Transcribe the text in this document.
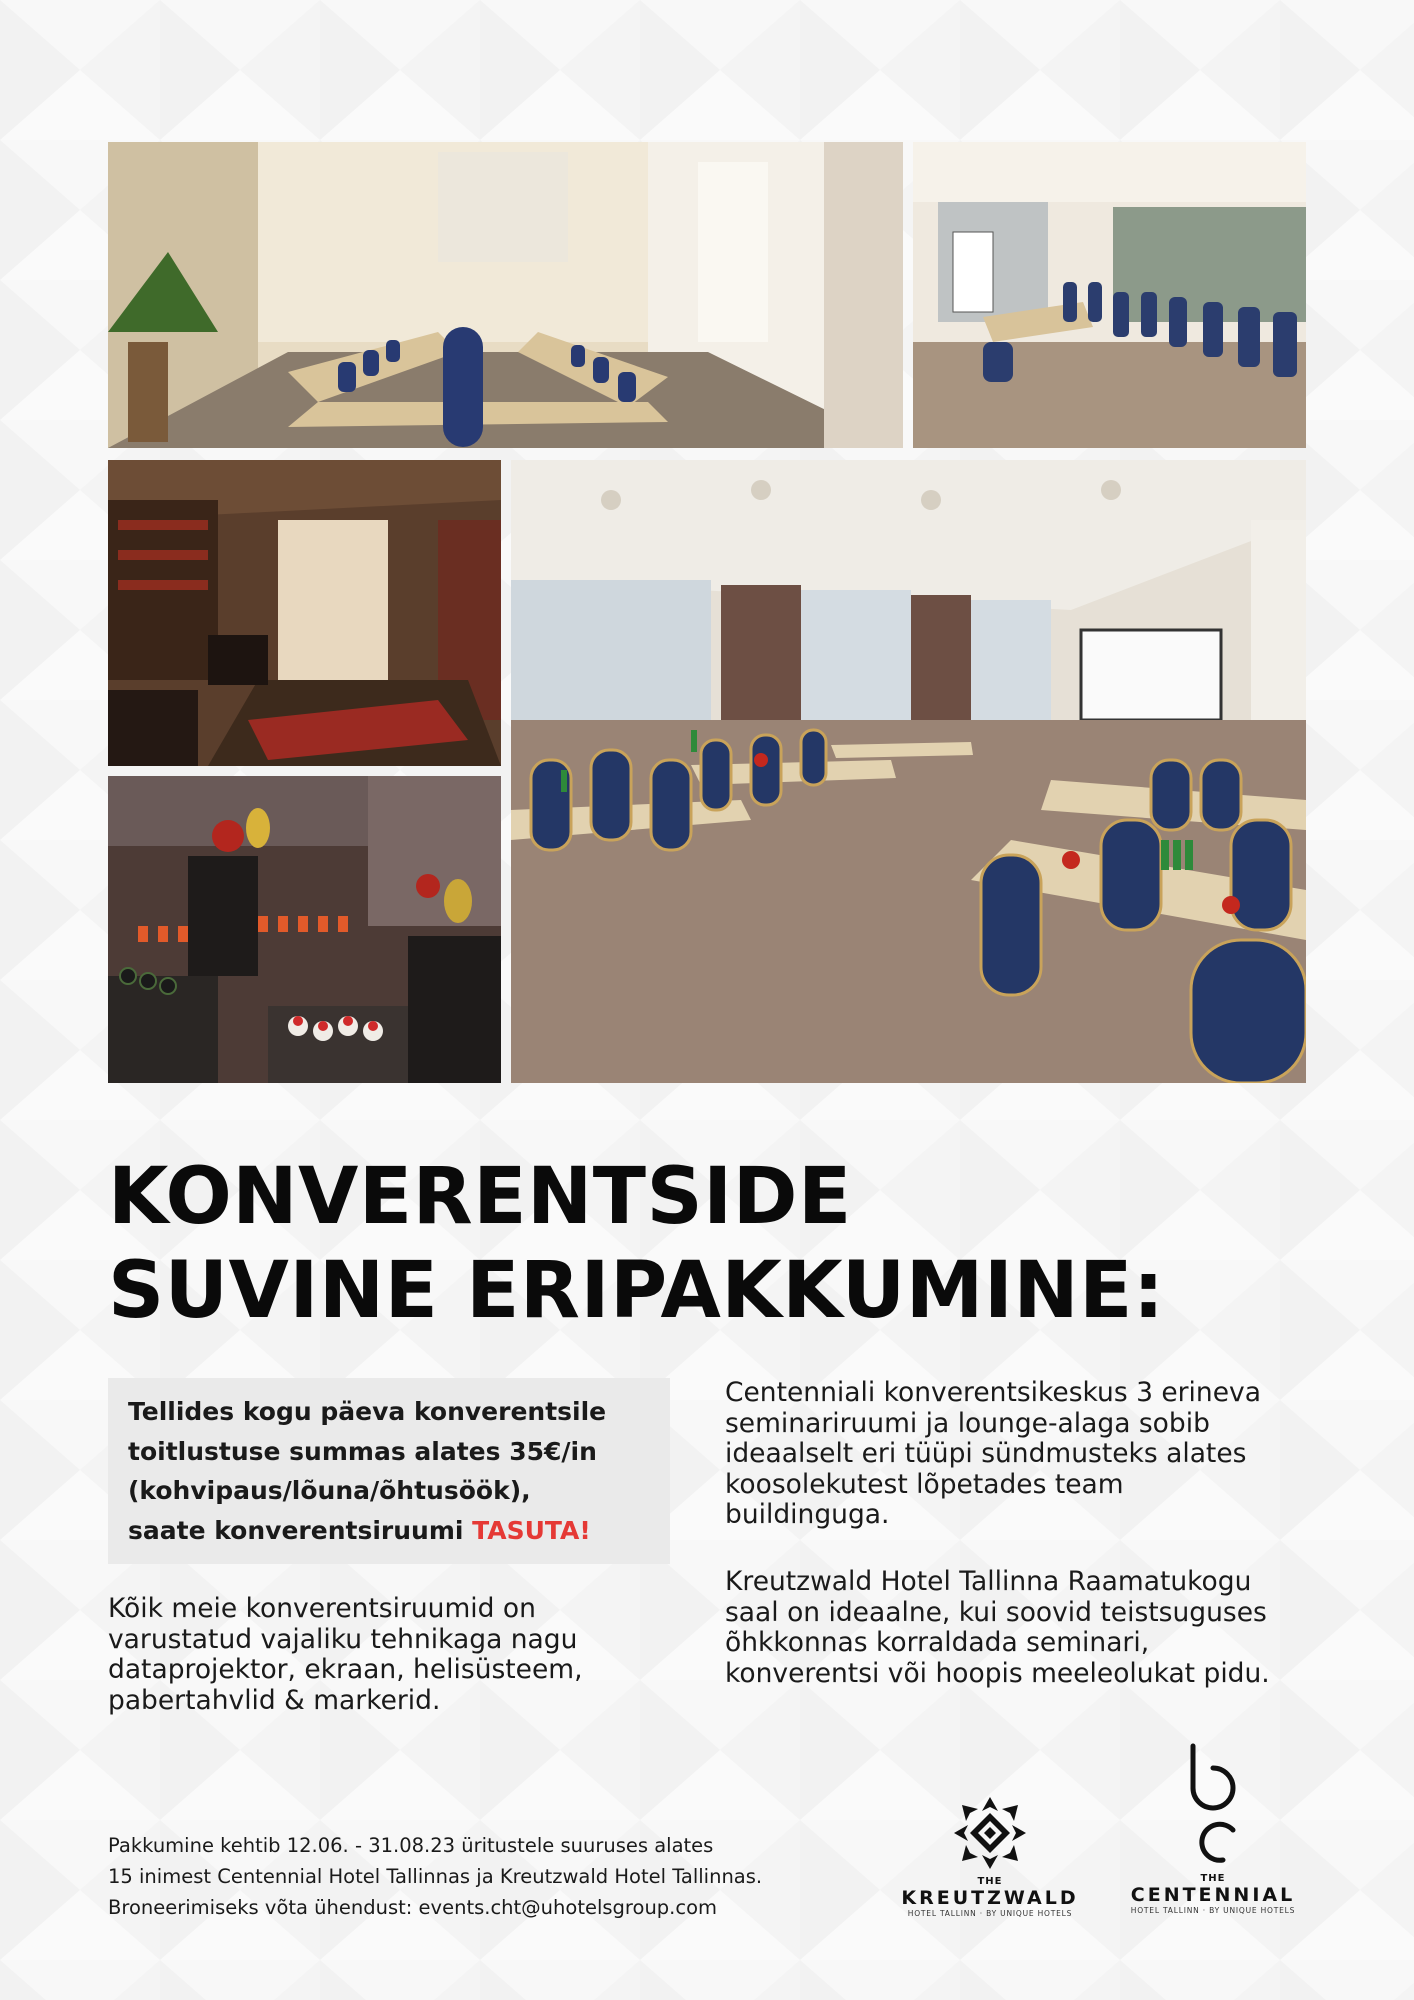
KONVERENTSIDE
SUVINE ERIPAKKUMINE:

Tellides kogu päeva konverentsile
toitlustuse summas alates 35€/in
(kohvipaus/lõuna/õhtusöök),
saate konverentsiruumi TASUTA!

Kõik meie konverentsiruumid on
varustatud vajaliku tehnikaga nagu
dataprojektor, ekraan, helisüsteem,
pabertahvlid & markerid.

Centenniali konverentsikeskus 3 erineva
seminariruumi ja lounge-alaga sobib
ideaalselt eri tüüpi sündmusteks alates
koosolekutest lõpetades team
buildinguga.

Kreutzwald Hotel Tallinna Raamatukogu
saal on ideaalne, kui soovid teistsuguses
õhkkonnas korraldada seminari,
konverentsi või hoopis meeleolukat pidu.

Pakkumine kehtib 12.06. - 31.08.23 üritustele suuruses alates
15 inimest Centennial Hotel Tallinnas ja Kreutzwald Hotel Tallinnas.
Broneerimiseks võta ühendust: events.cht@uhotelsgroup.com
THE
KREUTZWALD
HOTEL TALLINN · BY UNIQUE HOTELS
THE
CENTENNIAL
HOTEL TALLINN · BY UNIQUE HOTELS
